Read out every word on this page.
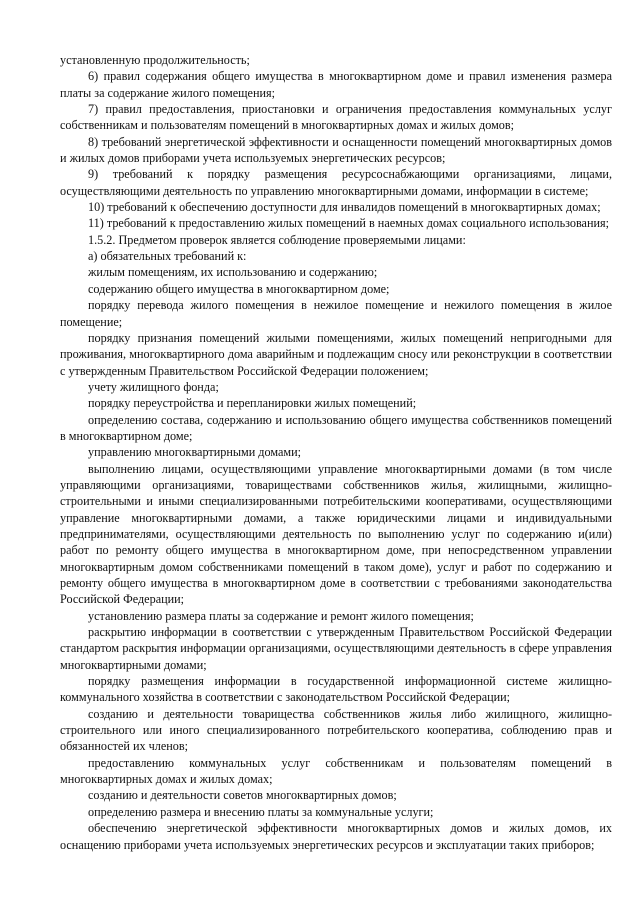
установленную продолжительность;

6) правил содержания общего имущества в многоквартирном доме и правил изменения размера платы за содержание жилого помещения;

7) правил предоставления, приостановки и ограничения предоставления коммунальных услуг собственникам и пользователям помещений в многоквартирных домах и жилых домов;

8) требований энергетической эффективности и оснащенности помещений многоквартирных домов и жилых домов приборами учета используемых энергетических ресурсов;

9) требований к порядку размещения ресурсоснабжающими организациями, лицами, осуществляющими деятельность по управлению многоквартирными домами, информации в системе;

10) требований к обеспечению доступности для инвалидов помещений в многоквартирных домах;

11) требований к предоставлению жилых помещений в наемных домах социального использования;

1.5.2. Предметом проверок является соблюдение проверяемыми лицами:

а) обязательных требований к:

жилым помещениям, их использованию и содержанию;

содержанию общего имущества в многоквартирном доме;

порядку перевода жилого помещения в нежилое помещение и нежилого помещения в жилое помещение;

порядку признания помещений жилыми помещениями, жилых помещений непригодными для проживания, многоквартирного дома аварийным и подлежащим сносу или реконструкции в соответствии с утвержденным Правительством Российской Федерации положением;

учету жилищного фонда;

порядку переустройства и перепланировки жилых помещений;

определению состава, содержанию и использованию общего имущества собственников помещений в многоквартирном доме;

управлению многоквартирными домами;

выполнению лицами, осуществляющими управление многоквартирными домами (в том числе управляющими организациями, товариществами собственников жилья, жилищными, жилищно-строительными и иными специализированными потребительскими кооперативами, осуществляющими управление многоквартирными домами, а также юридическими лицами и индивидуальными предпринимателями, осуществляющими деятельность по выполнению услуг по содержанию и(или) работ по ремонту общего имущества в многоквартирном доме, при непосредственном управлении многоквартирным домом собственниками помещений в таком доме), услуг и работ по содержанию и ремонту общего имущества в многоквартирном доме в соответствии с требованиями законодательства Российской Федерации;

установлению размера платы за содержание и ремонт жилого помещения;

раскрытию информации в соответствии с утвержденным Правительством Российской Федерации стандартом раскрытия информации организациями, осуществляющими деятельность в сфере управления многоквартирными домами;

порядку размещения информации в государственной информационной системе жилищно-коммунального хозяйства в соответствии с законодательством Российской Федерации;

созданию и деятельности товарищества собственников жилья либо жилищного, жилищно-строительного или иного специализированного потребительского кооператива, соблюдению прав и обязанностей их членов;

предоставлению коммунальных услуг собственникам и пользователям помещений в многоквартирных домах и жилых домах;

созданию и деятельности советов многоквартирных домов;

определению размера и внесению платы за коммунальные услуги;

обеспечению энергетической эффективности многоквартирных домов и жилых домов, их оснащению приборами учета используемых энергетических ресурсов и эксплуатации таких приборов;
